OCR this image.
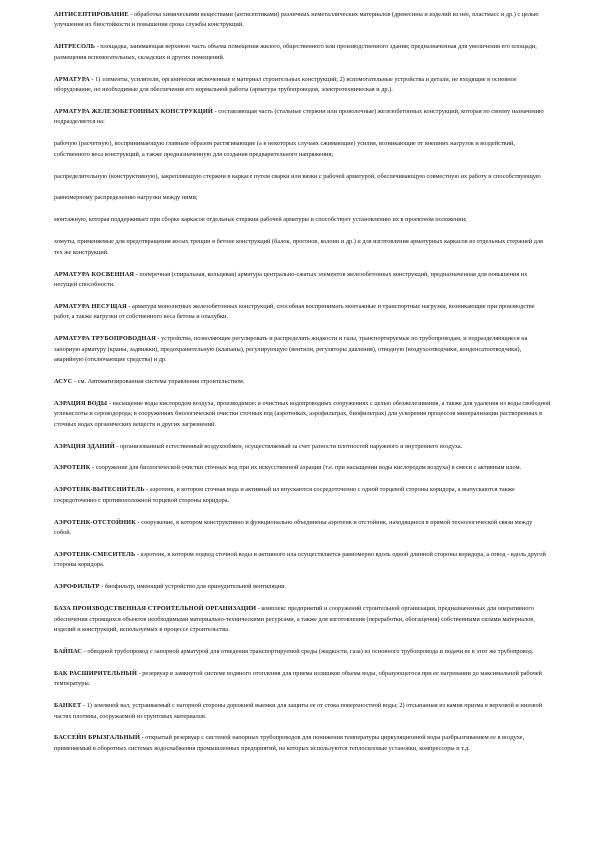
АНТИСЕПТИРОВАНИЕ - обработка химическими веществами (антисептиками) различных неметаллических материалов (древесины и изделий из нее, пластмасс и др.) с целью улучшения их биостойкости и повышения срока службы конструкций.

АНТРЕСОЛЬ - площадка, занимающая верхнюю часть объема помещения жилого, общественного или производственного здания; предназначенная для увеличения его площади, размещения вспомогательных, складских и других помещений.

АРМАТУРА - 1) элементы, усилители, органически включенные в материал строительных конструкций; 2) вспомогательные устройства и детали, не входящие в основное оборудование, но необходимые для обеспечения его нормальной работы (арматура трубопроводов, электротехническая и др.).

АРМАТУРА ЖЕЛЕЗОБЕТОННЫХ КОНСТРУКЦИЙ - составляющая часть (стальные стержни или проволочные) железобетонных конструкций, которая по своему назначению подразделяется на:

рабочую (расчетную), воспринимающую главным образом растягивающие (а в некоторых случаях сжимающие) усилия, возникающие от внешних нагрузок и воздействий, собственного веса конструкций, а также предназначенную для создания предварительного напряжения;

распределительную (конструктивную), закрепляющую стержни в каркасе путем сварки или вязки с рабочей арматурой, обеспечивающую совместную их работу и способствующую

равномерному распределению нагрузки между ними;

монтажную, которая поддерживает при сборке каркасов отдельные стержни рабочей арматуры и способствует установлению их в проектном положении;

хомуты, применяемые для предотвращения косых трещин в бетоне конструкций (балок, прогонов, колонн и др.) и для изготовления арматурных каркасов из отдельных стержней для тех же конструкций.

АРМАТУРА КОСВЕННАЯ - поперечная (спиральная, кольцевая) арматура центрально-сжатых элементов железобетонных конструкций, предназначенная для повышения их несущей способности.

АРМАТУРА НЕСУЩАЯ - арматура монолитных железобетонных конструкций, способная воспринимать монтажные и транспортные нагрузки, возникающие при производстве работ, а также нагрузки от собственного веса бетона и опалубки.

АРМАТУРА ТРУБОПРОВОДНАЯ - устройства, позволяющие регулировать и распределять жидкости и газы, транспортируемые по трубопроводам, и подразделяющиеся на запорную арматуру (краны, задвижки), предохранительную (клапаны), регулирующую (вентили, регуляторы давления), отводную (воздухоотводчики, конденсатоотводчики), аварийную (отключающие средства) и др.

АСУС - см. Автоматизированная система управления строительством.

АЭРАЦИЯ ВОДЫ - насыщение воды кислородом воздуха, производимое: в очистных водопроводных сооружениях с целью обезжелезивания, а также для удаления из воды свободной углекислоты и сероводорода; в сооружениях биологической очистки сточных вод (аэротенках, аэрофильтрах, биофильтрах) для ускорения процессов минерализации растворенных в сточных водах органических веществ и других загрязнений.

АЭРАЦИЯ ЗДАНИЙ - организованный естественный воздухообмен, осуществляемый за счет разности плотностей наружного и внутреннего воздуха.

АЭРОТЕНК - сооружение для биологической очистки сточных вод при их искусственной аэрации (т.е. при насыщении воды кислородом воздуха) в смеси с активным илом.

АЭРОТЕНК-ВЫТЕСНИТЕЛЬ - аэротенк, в котором сточная вода и активный ил впускаются сосредоточенно с одной торцевой стороны коридора, а выпускаются также сосредоточенно с противоположной торцевой стороны коридора.

АЭРОТЕНК-ОТСТОЙНИК - сооружение, в котором конструктивно и функционально объединены аэротенк и отстойник, находящиеся в прямой технологической связи между собой.

АЭРОТЕНК-СМЕСИТЕЛЬ - аэротенк, в котором подвод сточной воды и активного ила осуществляется равномерно вдоль одной длинной стороны коридора, а отвод - вдоль другой стороны коридора.

АЭРОФИЛЬТР - биофильтр, имеющий устройство для принудительной вентиляции.

БАЗА ПРОИЗВОДСТВЕННАЯ СТРОИТЕЛЬНОЙ ОРГАНИЗАЦИИ - комплекс предприятий и сооружений строительной организации, предназначенных для оперативного обеспечения строящихся объектов необходимыми материально-техническими ресурсами, а также для изготовления (переработки, обогащения) собственными силами материалов, изделий и конструкций, используемых в процессе строительства.

БАЙПАС - обводной трубопровод с запорной арматурой для отведения транспортируемой среды (жидкости, газа) из основного трубопровода и подачи ее в этот же трубопровод.

БАК РАСШИРИТЕЛЬНЫЙ - резервуар в замкнутой системе водяного отопления для приема излишков объема воды, образующегося при ее нагревании до максимальной рабочей температуры.

БАНКЕТ - 1) земляной вал, устраиваемый с нагорной стороны дорожной выемки для защиты ее от стока поверхностной воды; 2) отсыпанная из камня призма в верховой и низовой частях плотины, сооружаемой из грунтовых материалов.

БАССЕЙН БРЫЗГАЛЬНЫЙ - открытый резервуар с системой напорных трубопроводов для понижения температуры циркуляционной воды разбрызгиванием ее в воздухе, применяемый в оборотных системах водоснабжения промышленных предприятий, на которых используются теплосиловые установки, компрессоры и т.д.
